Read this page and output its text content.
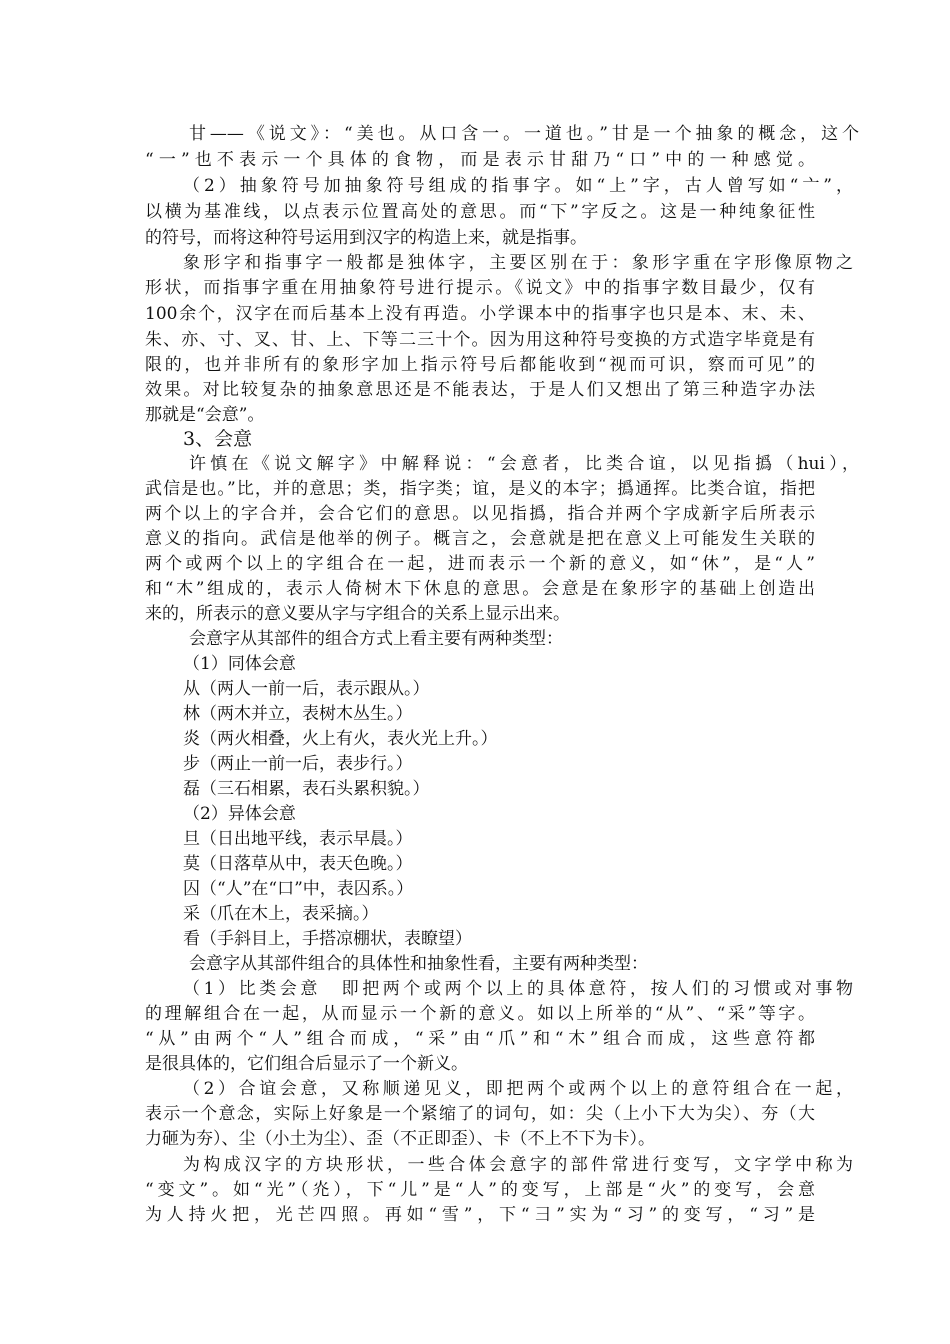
甘——《说文》：“美也。从口含一。一道也。”甘是一个抽象的概念，这个
“一”也不表示一个具体的食物，而是表示甘甜乃“口”中的一种感觉。
（2）抽象符号加抽象符号组成的指事字。如“上”字，古人曾写如“亠”，
以横为基准线，以点表示位置高处的意思。而“下”字反之。这是一种纯象征性
的符号，而将这种符号运用到汉字的构造上来，就是指事。
象形字和指事字一般都是独体字，主要区别在于：象形字重在字形像原物之
形状，而指事字重在用抽象符号进行提示。《说文》中的指事字数目最少，仅有
100余个，汉字在而后基本上没有再造。小学课本中的指事字也只是本、末、未、
朱、亦、寸、叉、甘、上、下等二三十个。因为用这种符号变换的方式造字毕竟是有
限的，也并非所有的象形字加上指示符号后都能收到“视而可识，察而可见”的
效果。对比较复杂的抽象意思还是不能表达，于是人们又想出了第三种造字办法
那就是“会意”。
3、会意
许慎在《说文解字》中解释说：“会意者，比类合谊，以见指撝（hui），
武信是也。”比，并的意思；类，指字类；谊，是义的本字；撝通挥。比类合谊，指把
两个以上的字合并，会合它们的意思。以见指撝，指合并两个字成新字后所表示
意义的指向。武信是他举的例子。概言之，会意就是把在意义上可能发生关联的
两个或两个以上的字组合在一起，进而表示一个新的意义，如“休”，是“人”
和“木”组成的，表示人倚树木下休息的意思。会意是在象形字的基础上创造出
来的，所表示的意义要从字与字组合的关系上显示出来。
会意字从其部件的组合方式上看主要有两种类型：
（1）同体会意
从（两人一前一后，表示跟从。）
林（两木并立，表树木丛生。）
炎（两火相叠，火上有火，表火光上升。）
步（两止一前一后，表步行。）
磊（三石相累，表石头累积貌。）
（2）异体会意
旦（日出地平线，表示早晨。）
莫（日落草从中，表天色晚。）
囚（“人”在“口”中，表囚系。）
采（爪在木上，表采摘。）
看（手斜目上，手搭凉棚状，表瞭望）
会意字从其部件组合的具体性和抽象性看，主要有两种类型：
（1）比类会意　即把两个或两个以上的具体意符，按人们的习惯或对事物
的理解组合在一起，从而显示一个新的意义。如以上所举的“从”、“采”等字。
“从”由两个“人”组合而成，“采”由“爪”和“木”组合而成，这些意符都
是很具体的，它们组合后显示了一个新义。
（2）合谊会意，又称顺递见义，即把两个或两个以上的意符组合在一起，
表示一个意念，实际上好象是一个紧缩了的词句，如：尖（上小下大为尖）、夯（大
力砸为夯）、尘（小土为尘）、歪（不正即歪）、卡（不上不下为卡）。
为构成汉字的方块形状，一些合体会意字的部件常进行变写，文字学中称为
“变文”。如“光”（灮），下“儿”是“人”的变写，上部是“火”的变写，会意
为人持火把，光芒四照。再如“雪”，下“彐”实为“习”的变写，“习”是
